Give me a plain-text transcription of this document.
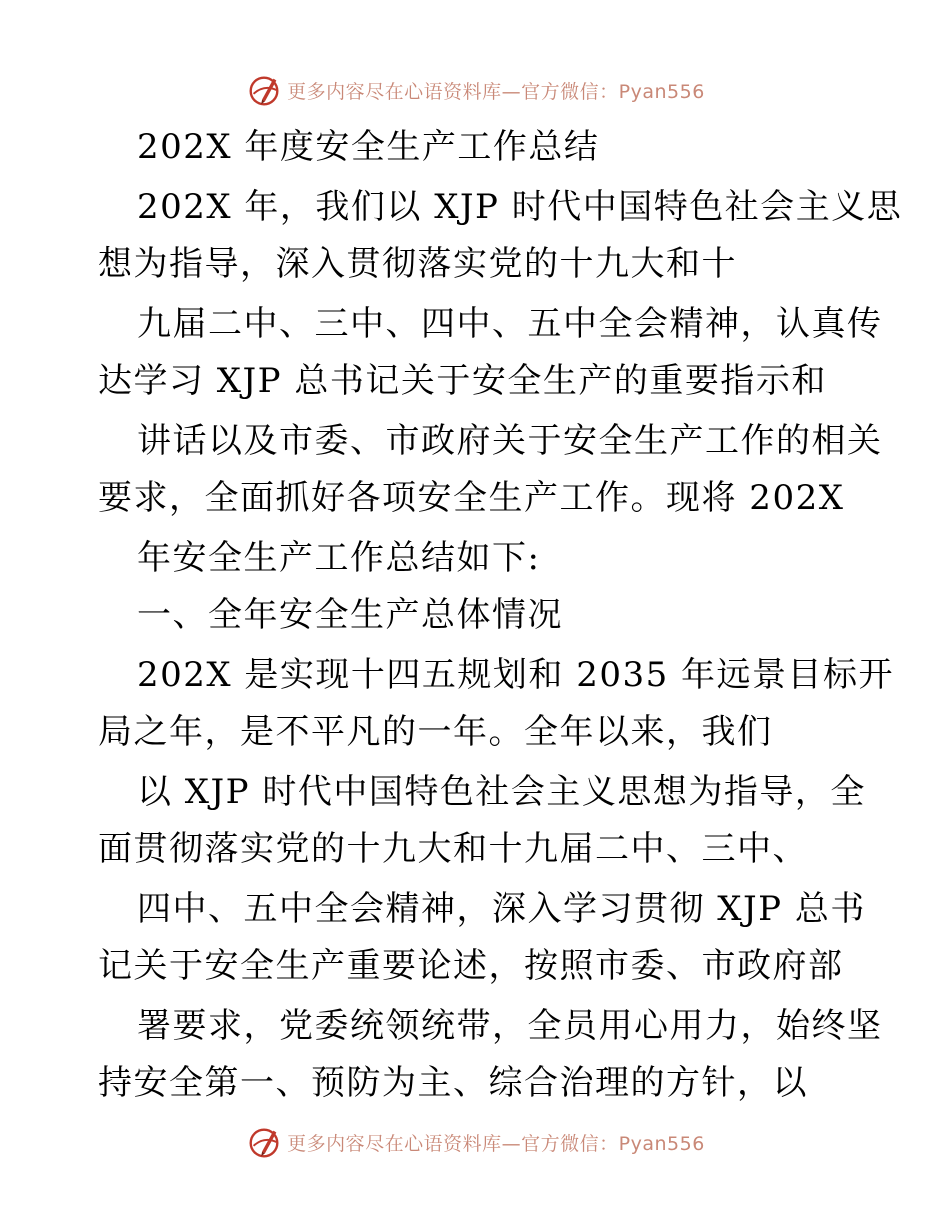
更多内容尽在心语资料库—官方微信：Pyan556
202X 年度安全生产工作总结
202X 年，我们以 XJP 时代中国特色社会主义思
想为指导，深入贯彻落实党的十九大和十
九届二中、三中、四中、五中全会精神，认真传
达学习 XJP 总书记关于安全生产的重要指示和
讲话以及市委、市政府关于安全生产工作的相关
要求，全面抓好各项安全生产工作。现将 202X
年安全生产工作总结如下:
一、全年安全生产总体情况
202X 是实现十四五规划和 2035 年远景目标开
局之年，是不平凡的一年。全年以来，我们
以 XJP 时代中国特色社会主义思想为指导，全
面贯彻落实党的十九大和十九届二中、三中、
四中、五中全会精神，深入学习贯彻 XJP 总书
记关于安全生产重要论述，按照市委、市政府部
署要求，党委统领统带，全员用心用力，始终坚
持安全第一、预防为主、综合治理的方针，以
更多内容尽在心语资料库—官方微信：Pyan556
